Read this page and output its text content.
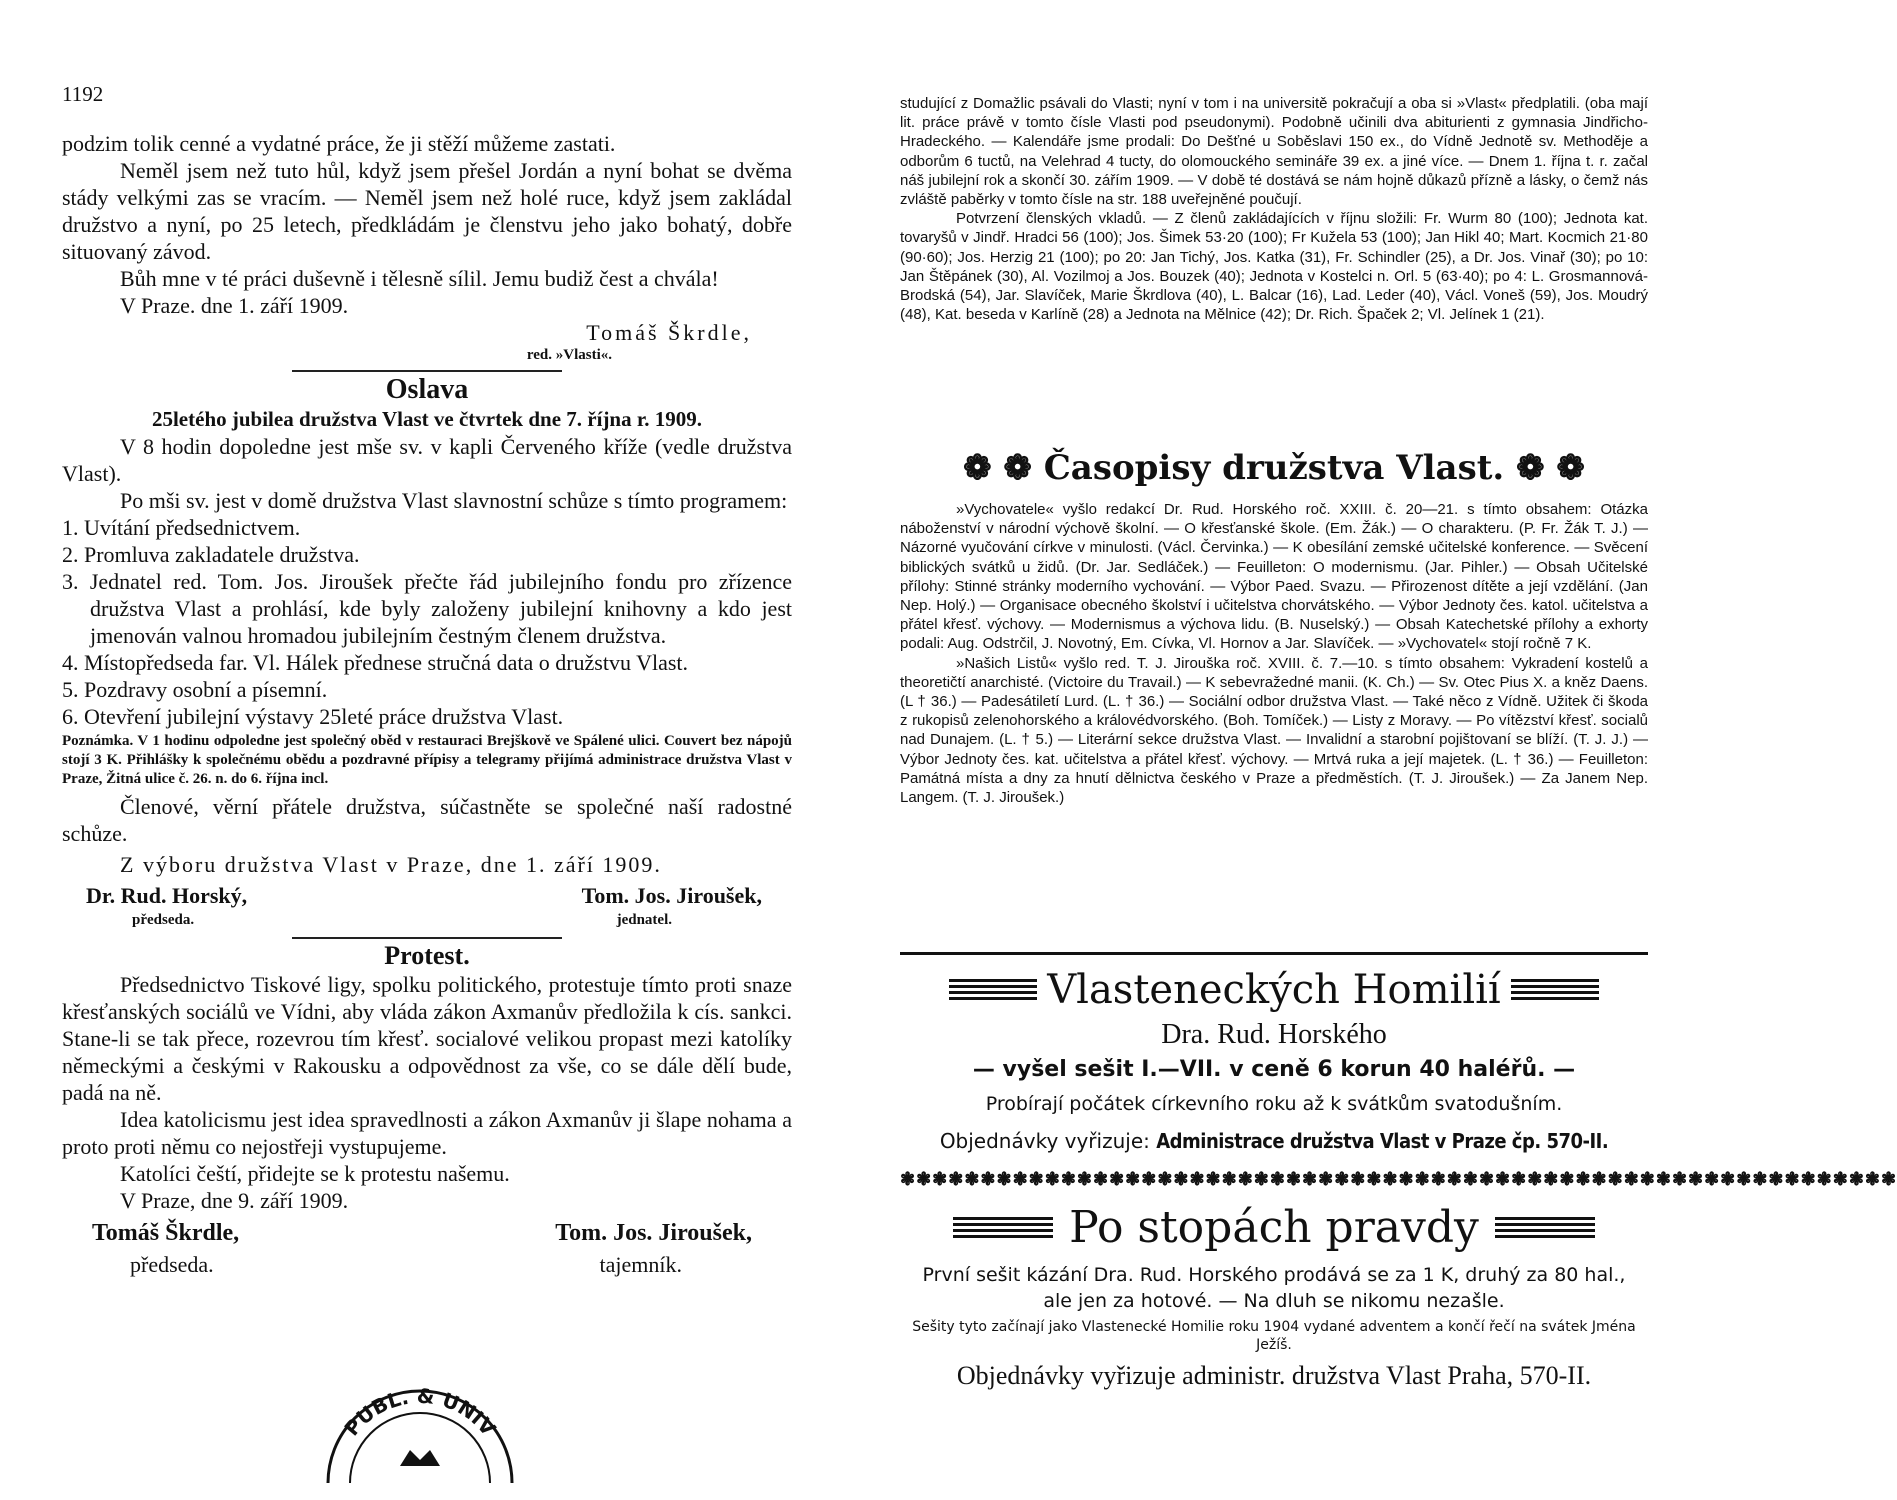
1192

podzim tolik cenné a vydatné práce, že ji stěží můžeme zastati.

Neměl jsem než tuto hůl, když jsem přešel Jordán a nyní bohat se dvěma stády velkými zas se vracím. — Neměl jsem než holé ruce, když jsem zakládal družstvo a nyní, po 25 letech, předkládám je členstvu jeho jako bohatý, dobře situovaný závod.

Bůh mne v té práci duševně i tělesně sílil. Jemu budiž čest a chvála!

V Praze. dne 1. září 1909.

Tomáš Škrdle,
red. »Vlasti«.
Oslava
25letého jubilea družstva Vlast ve čtvrtek dne 7. října r. 1909.

V 8 hodin dopoledne jest mše sv. v kapli Červeného kříže (vedle družstva Vlast).

Po mši sv. jest v domě družstva Vlast slavnostní schůze s tímto programem:

1. Uvítání předsednictvem.

2. Promluva zakladatele družstva.

3. Jednatel red. Tom. Jos. Jiroušek přečte řád jubilejního fondu pro zřízence družstva Vlast a prohlásí, kde byly založeny jubilejní knihovny a kdo jest jmenován valnou hromadou jubilejním čestným členem družstva.

4. Místopředseda far. Vl. Hálek přednese stručná data o družstvu Vlast.

5. Pozdravy osobní a písemní.

6. Otevření jubilejní výstavy 25leté práce družstva Vlast.

Poznámka. V 1 hodinu odpoledne jest společný oběd v restauraci Brejškově ve Spálené ulici. Couvert bez nápojů stojí 3 K. Přihlášky k společnému obědu a pozdravné přípisy a telegramy přijímá administrace družstva Vlast v Praze, Žitná ulice č. 26. n. do 6. října incl.

Členové, věrní přátele družstva, súčastněte se společné naší radostné schůze.

Z výboru družstva Vlast v Praze, dne 1. září 1909.

Dr. Rud. Horský,	Tom. Jos. Jiroušek,
předseda.	jednatel.
Protest.

Předsednictvo Tiskové ligy, spolku politického, protestuje tímto proti snaze křesťanských sociálů ve Vídni, aby vláda zákon Axmanův předložila k cís. sankci. Stane-li se tak přece, rozevrou tím křesť. socialové velikou propast mezi katolíky německými a českými v Rakousku a odpovědnost za vše, co se dále dělí bude, padá na ně.

Idea katolicismu jest idea spravedlnosti a zákon Axmanův ji šlape nohama a proto proti němu co nejostřeji vystupujeme.

Katolíci čeští, přidejte se k protestu našemu.

V Praze, dne 9. září 1909.

Tomáš Škrdle,	Tom. Jos. Jiroušek,
předseda.	tajemník.
PUBL. & UNIV

studující z Domažlic psávali do Vlasti; nyní v tom i na universitě pokračují a oba si »Vlast« předplatili. (oba mají lit. práce právě v tomto čísle Vlasti pod pseudonymi). Podobně učinili dva abiturienti z gymnasia Jindřicho-Hradeckého. — Kalendáře jsme prodali: Do Dešťné u Soběslavi 150 ex., do Vídně Jednotě sv. Methoděje a odborům 6 tuctů, na Velehrad 4 tucty, do olomouckého semináře 39 ex. a jiné více. — Dnem 1. října t. r. začal náš jubilejní rok a skončí 30. zářím 1909. — V době té dostává se nám hojně důkazů přízně a lásky, o čemž nás zvláště paběrky v tomto čísle na str. 188 uveřejněné poučují.

Potvrzení členských vkladů. — Z členů zakládajících v říjnu složili: Fr. Wurm 80 (100); Jednota kat. tovaryšů v Jindř. Hradci 56 (100); Jos. Šimek 53·20 (100); Fr Kužela 53 (100); Jan Hikl 40; Mart. Kocmich 21·80 (90·60); Jos. Herzig 21 (100); po 20: Jan Tichý, Jos. Katka (31), Fr. Schindler (25), a Dr. Jos. Vinař (30); po 10: Jan Štěpánek (30), Al. Vozilmoj a Jos. Bouzek (40); Jednota v Kostelci n. Orl. 5 (63·40); po 4: L. Grosmannová-Brodská (54), Jar. Slavíček, Marie Škrdlova (40), L. Balcar (16), Lad. Leder (40), Václ. Voneš (59), Jos. Moudrý (48), Kat. beseda v Karlíně (28) a Jednota na Mělnice (42); Dr. Rich. Špaček 2; Vl. Jelínek 1 (21).

❁ ❁ Časopisy družstva Vlast. ❁ ❁

»Vychovatele« vyšlo redakcí Dr. Rud. Horského roč. XXIII. č. 20—21. s tímto obsahem: Otázka náboženství v národní výchově školní. — O křesťanské škole. (Em. Žák.) — O charakteru. (P. Fr. Žák T. J.) — Názorné vyučování církve v minulosti. (Václ. Červinka.) — K obesílání zemské učitelské konference. — Svěcení biblických svátků u židů. (Dr. Jar. Sedláček.) — Feuilleton: O modernismu. (Jar. Pihler.) — Obsah Učitelské přílohy: Stinné stránky moderního vychování. — Výbor Paed. Svazu. — Přirozenost dítěte a její vzdělání. (Jan Nep. Holý.) — Organisace obecného školství i učitelstva chorvátského. — Výbor Jednoty čes. katol. učitelstva a přátel křesť. výchovy. — Modernismus a výchova lidu. (B. Nuselský.) — Obsah Katechetské přílohy a exhorty podali: Aug. Odstrčil, J. Novotný, Em. Cívka, Vl. Hornov a Jar. Slavíček. — »Vychovatel« stojí ročně 7 K.

»Našich Listů« vyšlo red. T. J. Jirouška roč. XVIII. č. 7.—10. s tímto obsahem: Vykradení kostelů a theoretičtí anarchisté. (Victoire du Travail.) — K sebevražedné manii. (K. Ch.) — Sv. Otec Pius X. a kněz Daens. (L † 36.) — Padesátiletí Lurd. (L. † 36.) — Sociální odbor družstva Vlast. — Také něco z Vídně. Užitek či škoda z rukopisů zelenohorského a královédvorského. (Boh. Tomíček.) — Listy z Moravy. — Po vítězství křesť. socialů nad Dunajem. (L. † 5.) — Literární sekce družstva Vlast. — Invalidní a starobní pojištovaní se blíží. (T. J. J.) — Výbor Jednoty čes. kat. učitelstva a přátel křesť. výchovy. — Mrtvá ruka a její majetek. (L. † 36.) — Feuilleton: Památná místa a dny za hnutí dělnictva českého v Praze a předměstích. (T. J. Jiroušek.) — Za Janem Nep. Langem. (T. J. Jiroušek.)

Vlasteneckých Homilií
Dra. Rud. Horského
— vyšel sešit I.—VII. v ceně 6 korun 40 haléřů. —
Probírají počátek církevního roku až k svátkům svatodušním.
Objednávky vyřizuje: Administrace družstva Vlast v Praze čp. 570-II.
❃❃❃❃❃❃❃❃❃❃❃❃❃❃❃❃❃❃❃❃❃❃❃❃❃❃❃❃❃❃❃❃❃❃❃❃❃❃❃❃❃❃❃❃❃❃❃❃❃❃❃❃❃❃❃❃❃❃❃❃❃❃
Po stopách pravdy
První sešit kázání Dra. Rud. Horského prodává se za 1 K, druhý za 80 hal., ale jen za hotové. — Na dluh se nikomu nezašle.
Sešity tyto začínají jako Vlastenecké Homilie roku 1904 vydané adventem a končí řečí na svátek Jména Ježíš.
Objednávky vyřizuje administr. družstva Vlast Praha, 570-II.
